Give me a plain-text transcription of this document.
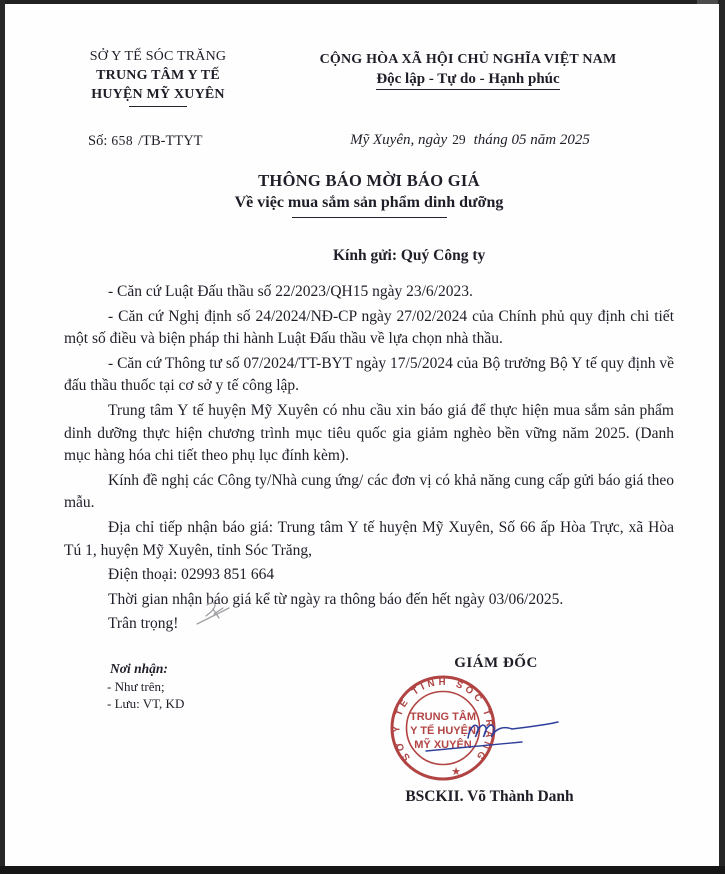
SỞ Y TẾ SÓC TRĂNG
TRUNG TÂM Y TẾ
HUYỆN MỸ XUYÊN
CỘNG HÒA XÃ HỘI CHỦ NGHĨA VIỆT NAM
Độc lập - Tự do - Hạnh phúc
Số: 658 /TB-TTYT	Mỹ Xuyên, ngày 29 tháng 05 năm 2025
THÔNG BÁO MỜI BÁO GIÁ
Về việc mua sắm sản phẩm dinh dưỡng
Kính gửi: Quý Công ty

- Căn cứ Luật Đấu thầu số 22/2023/QH15 ngày 23/6/2023.

- Căn cứ Nghị định số 24/2024/NĐ-CP ngày 27/02/2024 của Chính phủ quy định chi tiết một số điều và biện pháp thi hành Luật Đấu thầu về lựa chọn nhà thầu.

- Căn cứ Thông tư số 07/2024/TT-BYT ngày 17/5/2024 của Bộ trưởng Bộ Y tế quy định về đấu thầu thuốc tại cơ sở y tế công lập.

Trung tâm Y tế huyện Mỹ Xuyên có nhu cầu xin báo giá để thực hiện mua sắm sản phẩm dinh dưỡng thực hiện chương trình mục tiêu quốc gia giảm nghèo bền vững năm 2025. (Danh mục hàng hóa chi tiết theo phụ lục đính kèm).

Kính đề nghị các Công ty/Nhà cung ứng/ các đơn vị có khả năng cung cấp gửi báo giá theo mẫu.

Địa chỉ tiếp nhận báo giá: Trung tâm Y tế huyện Mỹ Xuyên, Số 66 ấp Hòa Trực, xã Hòa Tú 1, huyện Mỹ Xuyên, tỉnh Sóc Trăng,

Điện thoại: 02993 851 664

Thời gian nhận báo giá kể từ ngày ra thông báo đến hết ngày 03/06/2025.

Trân trọng!

Nơi nhận:
- Như trên;
- Lưu: VT, KD
GIÁM ĐỐC
SỞ Y TẾ TỈNH SÓC TRĂNG
TRUNG TÂM
Y TẾ HUYỆN
MỸ XUYÊN
★
BSCKII. Võ Thành Danh
